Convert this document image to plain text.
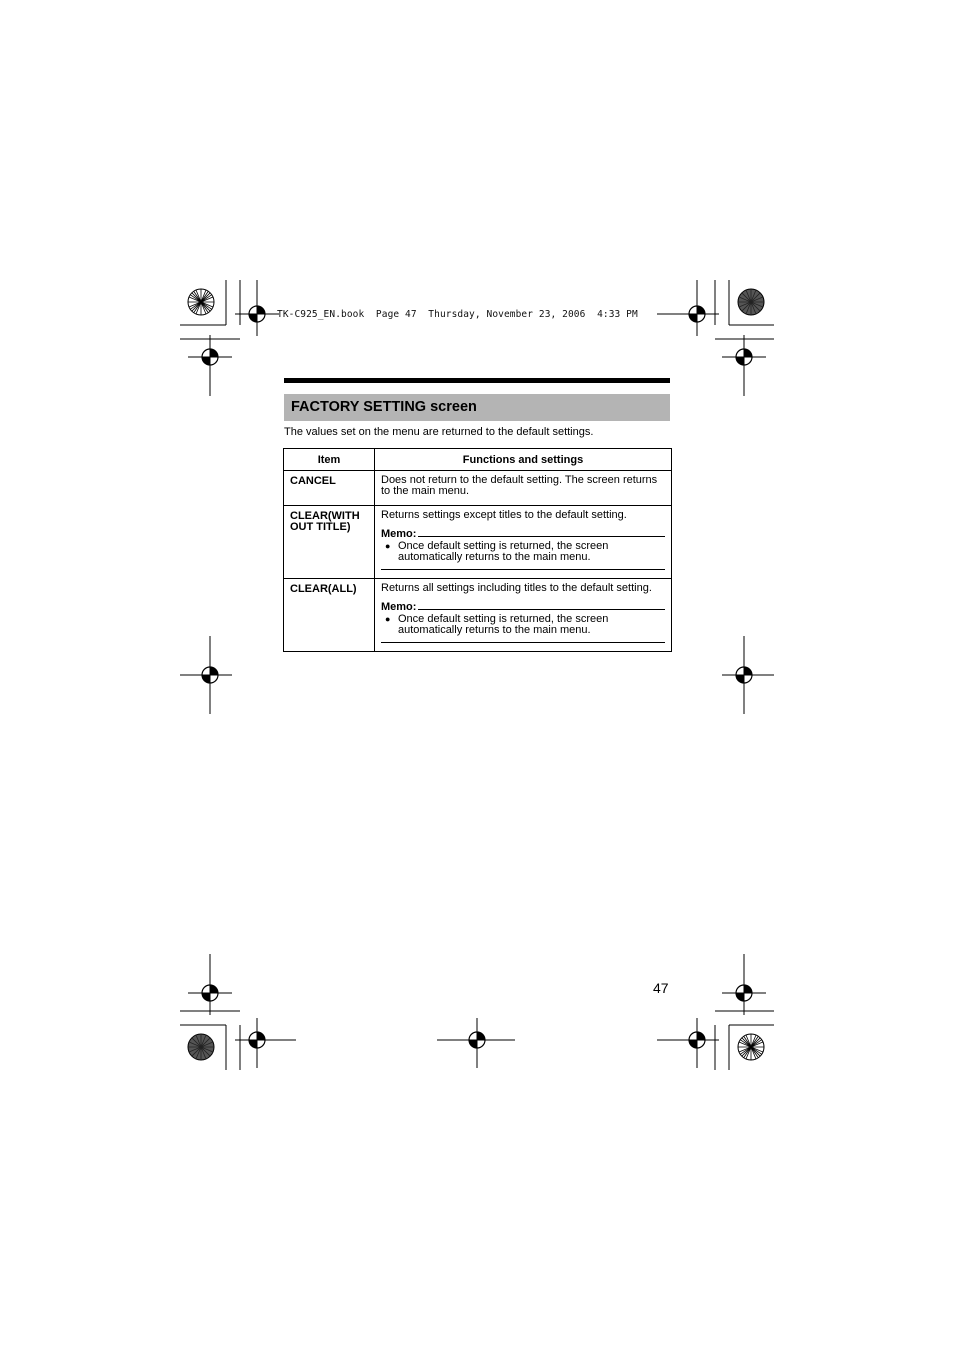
TK-C925_EN.book  Page 47  Thursday, November 23, 2006  4:33 PM
FACTORY SETTING screen
The values set on the menu are returned to the default settings.
Item	Functions and settings
CANCEL	Does not return to the default setting. The screen returns to the main menu.

CLEAR(WITH OUT TITLE)	Returns settings except titles to the default setting.
Memo:
● Once default setting is returned, the screen automatically returns to the main menu.

CLEAR(ALL)	Returns all settings including titles to the default setting.
Memo:
● Once default setting is returned, the screen automatically returns to the main menu.
47
